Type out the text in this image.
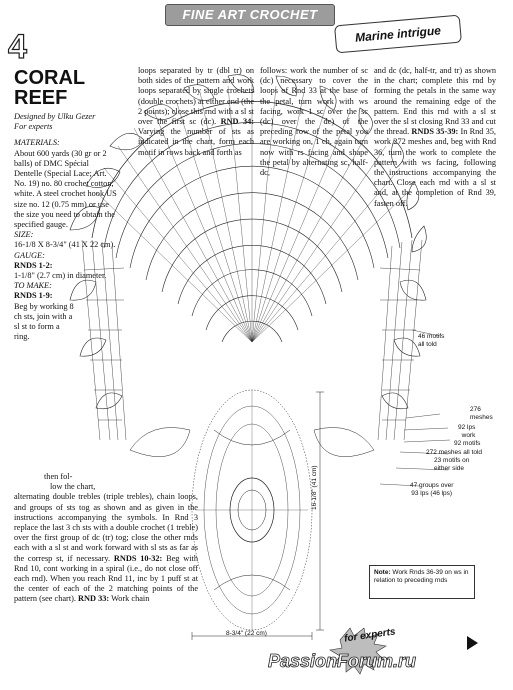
FINE ART CROCHET
Marine intrigue
4
CORAL
REEF

Designed by Ulku Gezer

For experts

MATERIALS:

About 600 yards (30 gr or 2 balls) of DMC Spécial Dentelle (Special Lace; Art. No. 19) no. 80 crochet cotton, white. A steel crochet hook US size no. 12 (0.75 mm) or use the size you need to obtain the specified gauge.

SIZE:

16-1/8 X 8-3/4" (41 X 22 cm).

GAUGE:

RNDS 1-2:

1-1/8" (2.7 cm) in diameter.

TO MAKE:

RNDS 1-9:

Beg by working 8 ch sts, join with a sl st to form a ring.

loops separated by tr (dbl tr) on both sides of the pattern and work loops separated by single crochets (double crochets) at either end (the 2 points); close this rnd with a sl st over the first sc (dc). RND 34: Varying the number of sts as indicated in the chart, form each motif in rows back and forth as
follows: work the number of sc (dc) necessary to cover the loops of Rnd 33 at the base of the petal, turn work with ws facing, work 1 sc over the sc (dc) over the dc) of the preceding row of the petal you are working on, 1 ch, again turn now with rs facing and shape the petal by alternating sc, half-dc,
and dc (dc, half-tr, and tr) as shown in the chart; complete this rnd by forming the petals in the same way around the remaining edge of the pattern. End this rnd with a sl st over the sl st closing Rnd 33 and cut the thread. RNDS 35-39: In Rnd 35, work 272 meshes and, beg with Rnd 36, turn the work to complete the pattern with ws facing, following the instructions accompanying the chart. Close each rnd with a sl st and, at the completion of Rnd 39, fasten off.
46 motifs
all told
276
meshes
92 lps
work
92 motifs
272 meshes all told
23 motifs on
either side
47 groups over
93 lps (46 lps)
16-1/8" (41 cm)
8-3/4" (22 cm)
Note: Work Rnds 36-39 on ws in relation to preceding rnds
then fol-
low the chart,

alternating double trebles (triple trebles), chain loops, and groups of sts tog as shown and as given in the instructions accompanying the symbols. In Rnd 3 replace the last 3 ch sts with a double crochet (1 treble) over the first group of dc (tr) tog; close the other rnds each with a sl st and work forward with sl sts as far as the corresp st, if necessary. RNDS 10-32: Beg with Rnd 10, cont working in a spiral (i.e., do not close off each rnd). When you reach Rnd 11, inc by 1 puff st at the center of each of the 2 matching points of the pattern (see chart). RND 33: Work chain

for experts
PassionForum.ru
